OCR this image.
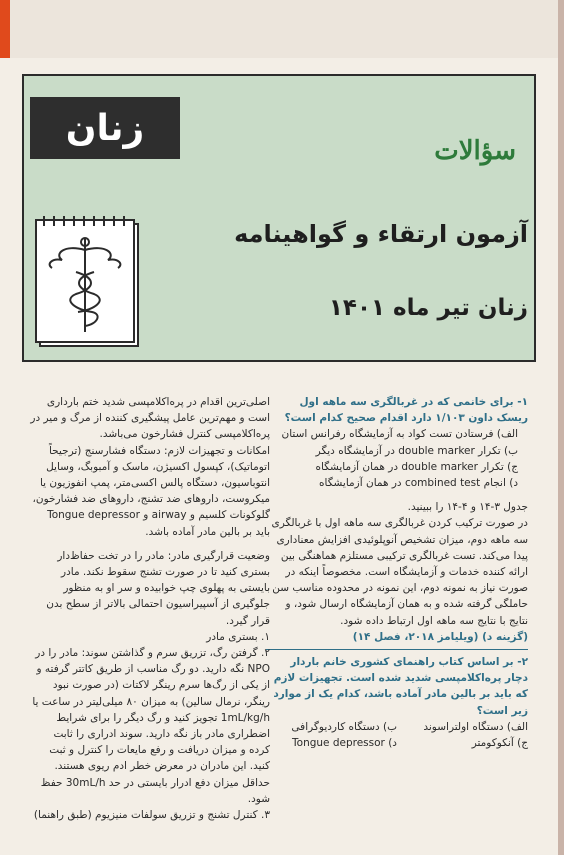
زنان
سؤالات
آزمون ارتقاء و گواهینامه
زنان تیر ماه ۱۴۰۱

۱- برای خانمی که در غربالگری سه ماهه اول ریسک داون ۱/۱۰۳ دارد اقدام صحیح کدام است؟

الف) فرستادن تست کواد به آزمایشگاه رفرانس استان

ب) تکرار double marker در آزمایشگاه دیگر

ج) تکرار double marker در همان آزمایشگاه

د) انجام combined test در همان آزمایشگاه

جدول ۳-۱۴ و ۴-۱۴ را ببینید.

در صورت ترکیب کردن غربالگری سه ماهه اول با غربالگری سه ماهه دوم، میزان تشخیص آنوپلوئیدی افزایش معناداری پیدا می‌کند. تست غربالگری ترکیبی مستلزم هماهنگی بین ارائه کننده خدمات و آزمایشگاه است. مخصوصاً اینکه در صورت نیاز به نمونه دوم، این نمونه در محدوده مناسب سن حاملگی گرفته شده و به همان آزمایشگاه ارسال شود، و نتایج با نتایج سه ماهه اول ارتباط داده شود.

(گزینه د) (ویلیامز ۲۰۱۸، فصل ۱۴)

۲- بر اساس کتاب راهنمای کشوری خانم باردار دچار پره‌اکلامپسی شدید شده است. تجهیزات لازم که باید بر بالین مادر آماده باشد، کدام یک از موارد زیر است؟

الف) دستگاه اولتراسوند
ب) دستگاه کاردیوگرافی
ج) آنکوکومتر
د) Tongue depressor

اصلی‌ترین اقدام در پره‌اکلامپسی شدید ختم بارداری است و مهم‌ترین عامل پیشگیری کننده از مرگ و میر در پره‌اکلامپسی کنترل فشارخون می‌باشد.

امکانات و تجهیزات لازم: دستگاه فشارسنج (ترجیحاً اتوماتیک)، کپسول اکسیژن، ماسک و آمبوبگ، وسایل انتوباسیون، دستگاه پالس اکسی‌متر، پمپ انفوزیون یا میکروست، داروهای ضد تشنج، داروهای ضد فشارخون، گلوکونات کلسیم و airway و Tongue depressor باید بر بالین مادر آماده باشد.

وضعیت قرارگیری مادر: مادر را در تخت حفاظ‌دار بستری کنید تا در صورت تشنج سقوط نکند. مادر بایستی به پهلوی چپ خوابیده و سر او به منظور جلوگیری از آسپیراسیون احتمالی بالاتر از سطح بدن قرار گیرد.

۱. بستری مادر

۲. گرفتن رگ، تزریق سرم و گذاشتن سوند: مادر را در NPO نگه دارید. دو رگ مناسب از طریق کاتتر گرفته و از یکی از رگ‌ها سرم رینگر لاکتات (در صورت نبود رینگر، نرمال سالین) به میزان ۸۰ میلی‌لیتر در ساعت یا 1mL/kg/h تجویز کنید و رگ دیگر را برای شرایط اضطراری مادر باز نگه دارید. سوند ادراری را ثابت کرده و میزان دریافت و رفع مایعات را کنترل و ثبت کنید. این مادران در معرض خطر ادم ریوی هستند. حداقل میزان دفع ادرار بایستی در حد 30mL/h حفظ شود.

۳. کنترل تشنج و تزریق سولفات منیزیوم (طبق راهنما)
